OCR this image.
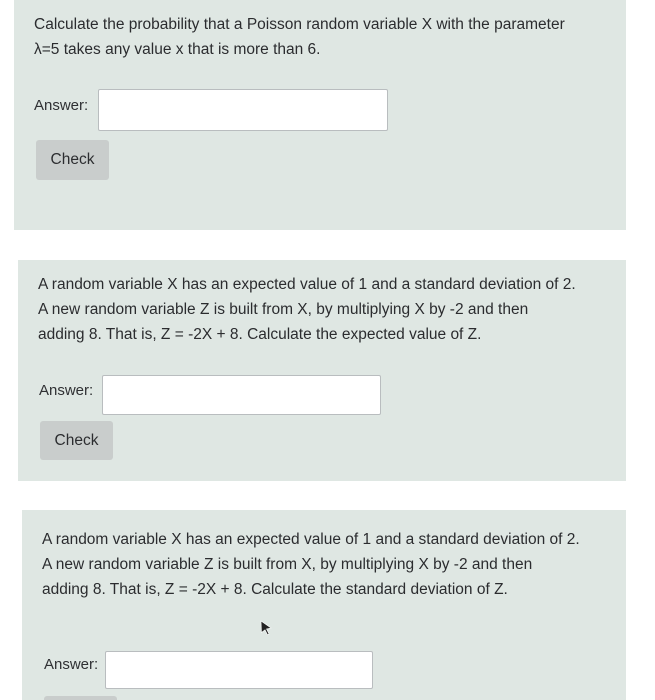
Calculate the probability that a Poisson random variable X with the parameter
λ=5 takes any value x that is more than 6.
Answer:
Check
A random variable X has an expected value of 1 and a standard deviation of 2.
A new random variable Z is built from X, by multiplying X by -2 and then
adding 8. That is, Z = -2X + 8. Calculate the expected value of Z.
Answer:
Check
A random variable X has an expected value of 1 and a standard deviation of 2.
A new random variable Z is built from X, by multiplying X by -2 and then
adding 8. That is, Z = -2X + 8. Calculate the standard deviation of Z.
Answer:
